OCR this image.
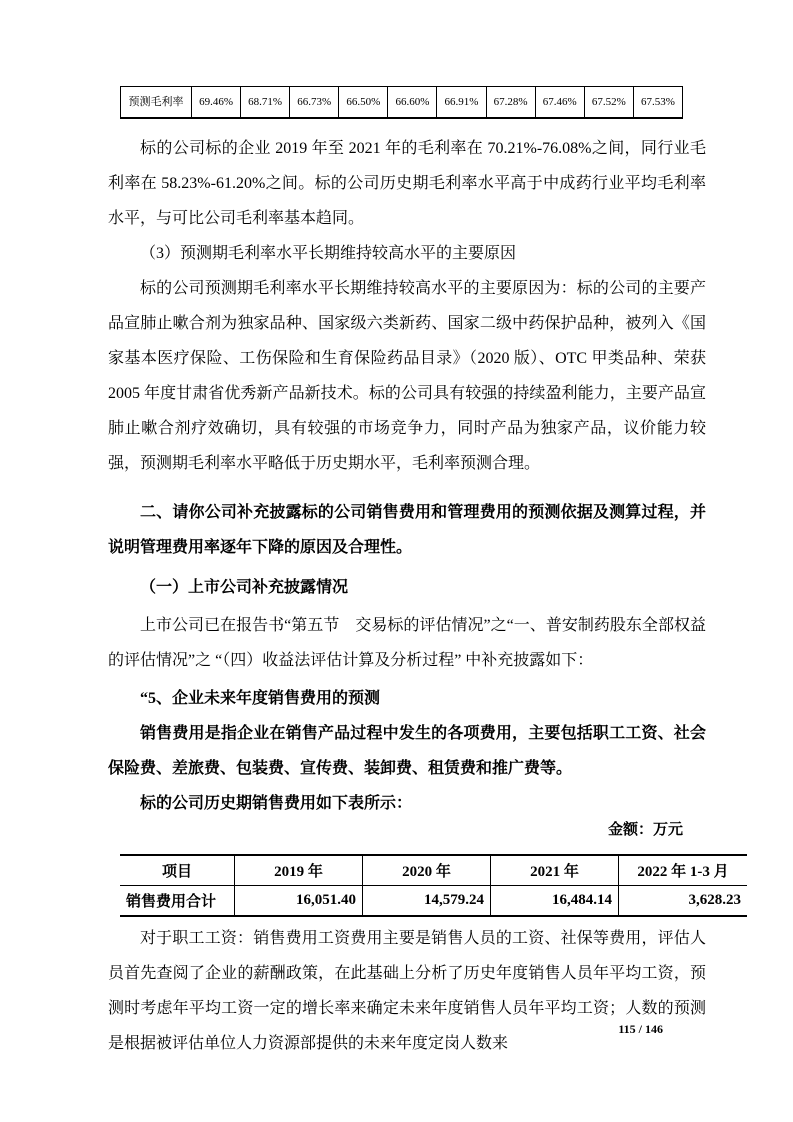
预测毛利率	69.46%	68.71%	66.73%	66.50%	66.60%	66.91%	67.28%	67.46%	67.52%	67.53%

标的公司标的企业 2019 年至 2021 年的毛利率在 70.21%-76.08%之间，同行业毛利率在 58.23%-61.20%之间。标的公司历史期毛利率水平高于中成药行业平均毛利率水平，与可比公司毛利率基本趋同。

（3）预测期毛利率水平长期维持较高水平的主要原因

标的公司预测期毛利率水平长期维持较高水平的主要原因为：标的公司的主要产品宣肺止嗽合剂为独家品种、国家级六类新药、国家二级中药保护品种，被列入《国家基本医疗保险、工伤保险和生育保险药品目录》（2020 版）、OTC 甲类品种、荣获 2005 年度甘肃省优秀新产品新技术。标的公司具有较强的持续盈利能力，主要产品宣肺止嗽合剂疗效确切，具有较强的市场竞争力，同时产品为独家产品，议价能力较强，预测期毛利率水平略低于历史期水平，毛利率预测合理。

二、请你公司补充披露标的公司销售费用和管理费用的预测依据及测算过程，并说明管理费用率逐年下降的原因及合理性。

（一）上市公司补充披露情况

上市公司已在报告书“第五节　交易标的评估情况”之“一、普安制药股东全部权益的评估情况”之 “（四）收益法评估计算及分析过程” 中补充披露如下：

“5、企业未来年度销售费用的预测

销售费用是指企业在销售产品过程中发生的各项费用，主要包括职工工资、社会保险费、差旅费、包装费、宣传费、装卸费、租赁费和推广费等。

标的公司历史期销售费用如下表所示：

金额：万元

项目	2019 年	2020 年	2021 年	2022 年 1-3 月
销售费用合计	16,051.40	14,579.24	16,484.14	3,628.23

对于职工工资：销售费用工资费用主要是销售人员的工资、社保等费用，评估人员首先查阅了企业的薪酬政策，在此基础上分析了历史年度销售人员年平均工资，预测时考虑年平均工资一定的增长率来确定未来年度销售人员年平均工资；人数的预测是根据被评估单位人力资源部提供的未来年度定岗人数来

115 / 146
